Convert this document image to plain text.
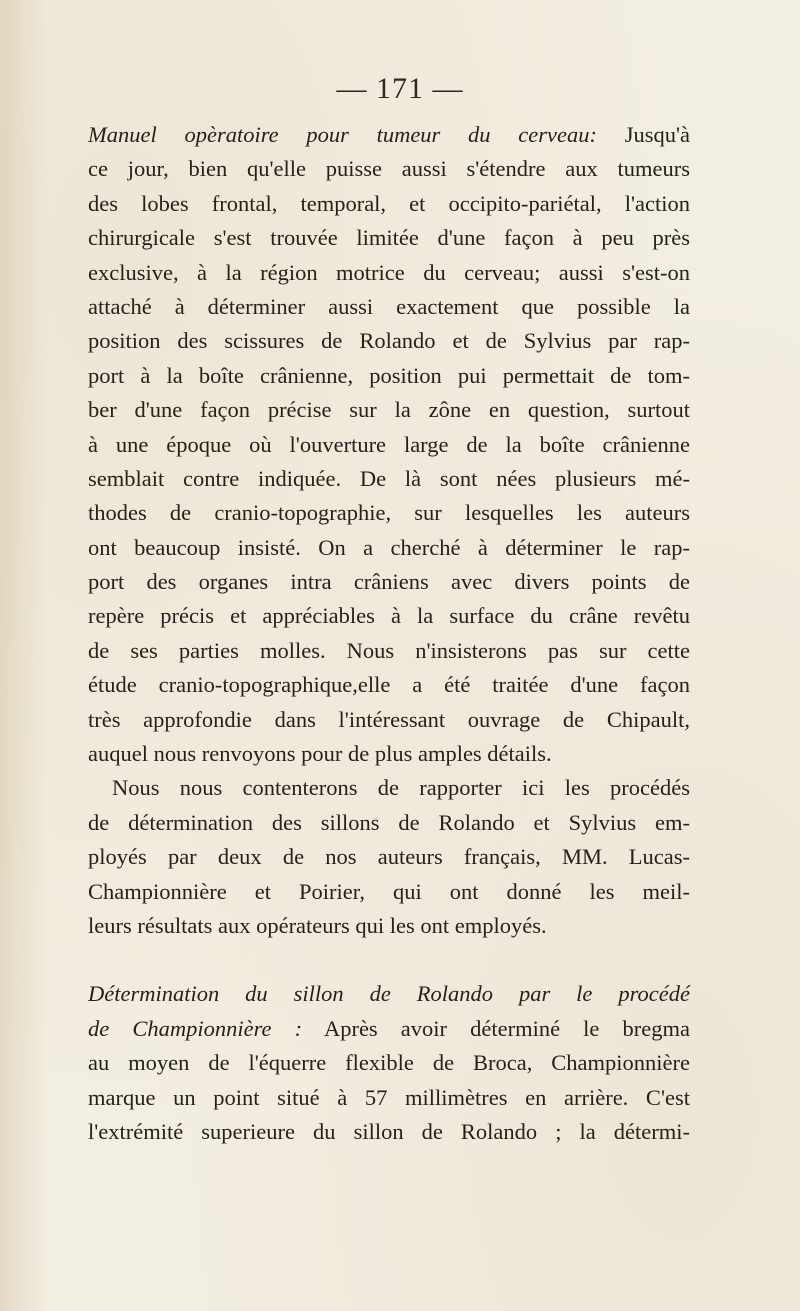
— 171 —
Manuel opèratoire pour tumeur du cerveau: Jusqu'à
ce jour, bien qu'elle puisse aussi s'étendre aux tumeurs
des lobes frontal, temporal, et occipito-pariétal, l'action
chirurgicale s'est trouvée limitée d'une façon à peu près
exclusive, à la région motrice du cerveau; aussi s'est-on
attaché à déterminer aussi exactement que possible la
position des scissures de Rolando et de Sylvius par rap-
port à la boîte crânienne, position pui permettait de tom-
ber d'une façon précise sur la zône en question, surtout
à une époque où l'ouverture large de la boîte crânienne
semblait contre indiquée. De là sont nées plusieurs mé-
thodes de cranio-topographie, sur lesquelles les auteurs
ont beaucoup insisté. On a cherché à déterminer le rap-
port des organes intra crâniens avec divers points de
repère précis et appréciables à la surface du crâne revêtu
de ses parties molles. Nous n'insisterons pas sur cette
étude cranio-topographique,elle a été traitée d'une façon
très approfondie dans l'intéressant ouvrage de Chipault,
auquel nous renvoyons pour de plus amples détails.
Nous nous contenterons de rapporter ici les procédés
de détermination des sillons de Rolando et Sylvius em-
ployés par deux de nos auteurs français, MM. Lucas-
Championnière et Poirier, qui ont donné les meil-
leurs résultats aux opérateurs qui les ont employés.
Détermination du sillon de Rolando par le procédé
de Championnière : Après avoir déterminé le bregma
au moyen de l'équerre flexible de Broca, Championnière
marque un point situé à 57 millimètres en arrière. C'est
l'extrémité superieure du sillon de Rolando ; la détermi-
